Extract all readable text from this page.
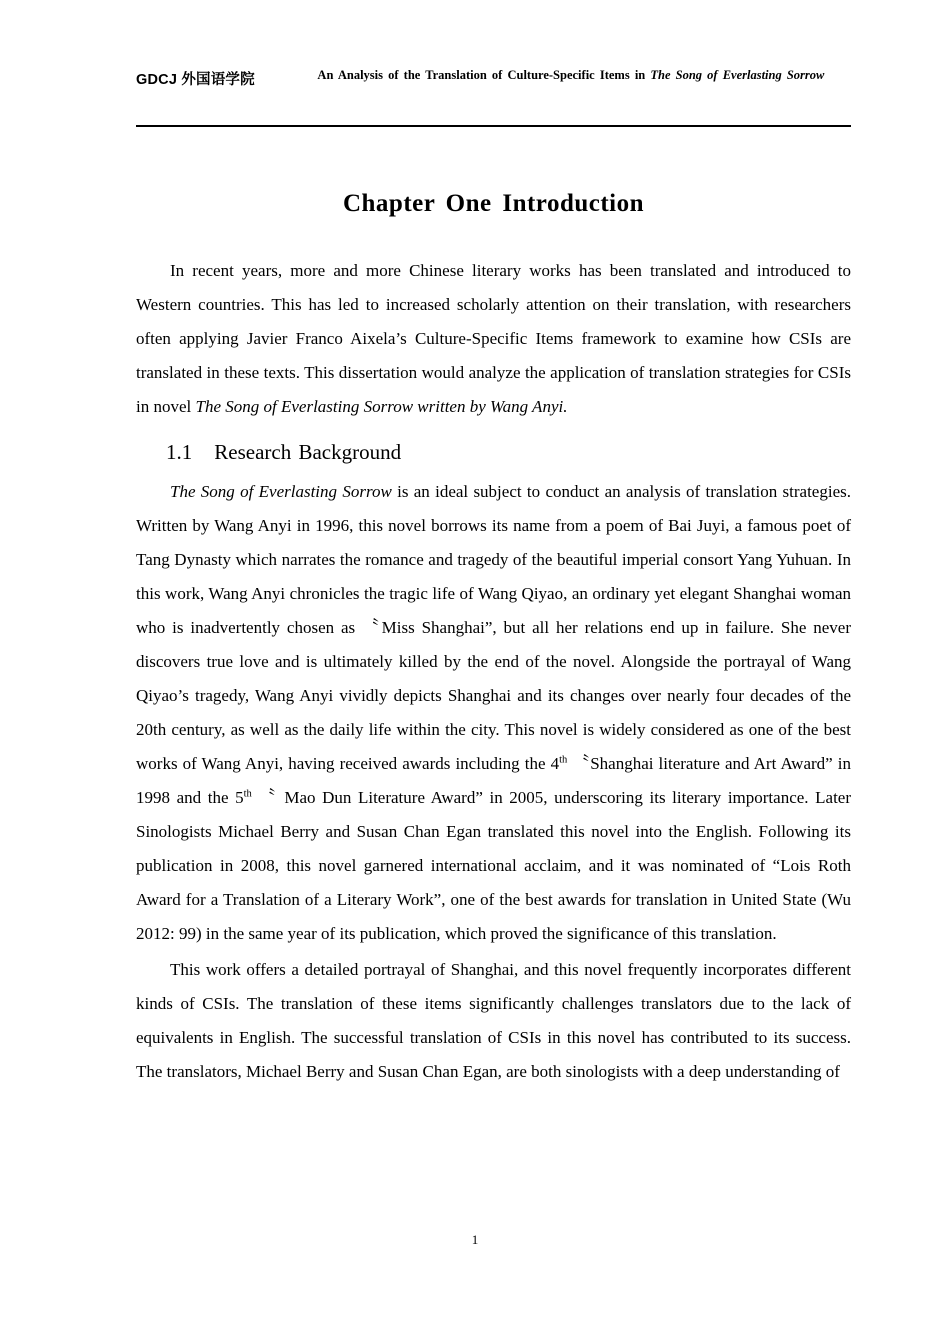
GDCJ 外国语学院	An Analysis of the Translation of Culture-Specific Items in The Song of Everlasting Sorrow
Chapter One Introduction

In recent years, more and more Chinese literary works has been translated and introduced to Western countries. This has led to increased scholarly attention on their translation, with researchers often applying Javier Franco Aixela’s Culture-Specific Items framework to examine how CSIs are translated in these texts. This dissertation would analyze the application of translation strategies for CSIs in novel The Song of Everlasting Sorrow written by Wang Anyi.

1.1 Research Background

The Song of Everlasting Sorrow is an ideal subject to conduct an analysis of translation strategies. Written by Wang Anyi in 1996, this novel borrows its name from a poem of Bai Juyi, a famous poet of Tang Dynasty which narrates the romance and tragedy of the beautiful imperial consort Yang Yuhuan. In this work, Wang Anyi chronicles the tragic life of Wang Qiyao, an ordinary yet elegant Shanghai woman who is inadvertently chosen as 〝Miss Shanghai”, but all her relations end up in failure. She never discovers true love and is ultimately killed by the end of the novel. Alongside the portrayal of Wang Qiyao’s tragedy, Wang Anyi vividly depicts Shanghai and its changes over nearly four decades of the 20th century, as well as the daily life within the city. This novel is widely considered as one of the best works of Wang Anyi, having received awards including the 4th 〝Shanghai literature and Art Award” in 1998 and the 5th 〝 Mao Dun Literature Award” in 2005, underscoring its literary importance. Later Sinologists Michael Berry and Susan Chan Egan translated this novel into the English. Following its publication in 2008, this novel garnered international acclaim, and it was nominated of “Lois Roth Award for a Translation of a Literary Work”, one of the best awards for translation in United State (Wu 2012: 99) in the same year of its publication, which proved the significance of this translation.

This work offers a detailed portrayal of Shanghai, and this novel frequently incorporates different kinds of CSIs. The translation of these items significantly challenges translators due to the lack of equivalents in English. The successful translation of CSIs in this novel has contributed to its success. The translators, Michael Berry and Susan Chan Egan, are both sinologists with a deep understanding of

1
